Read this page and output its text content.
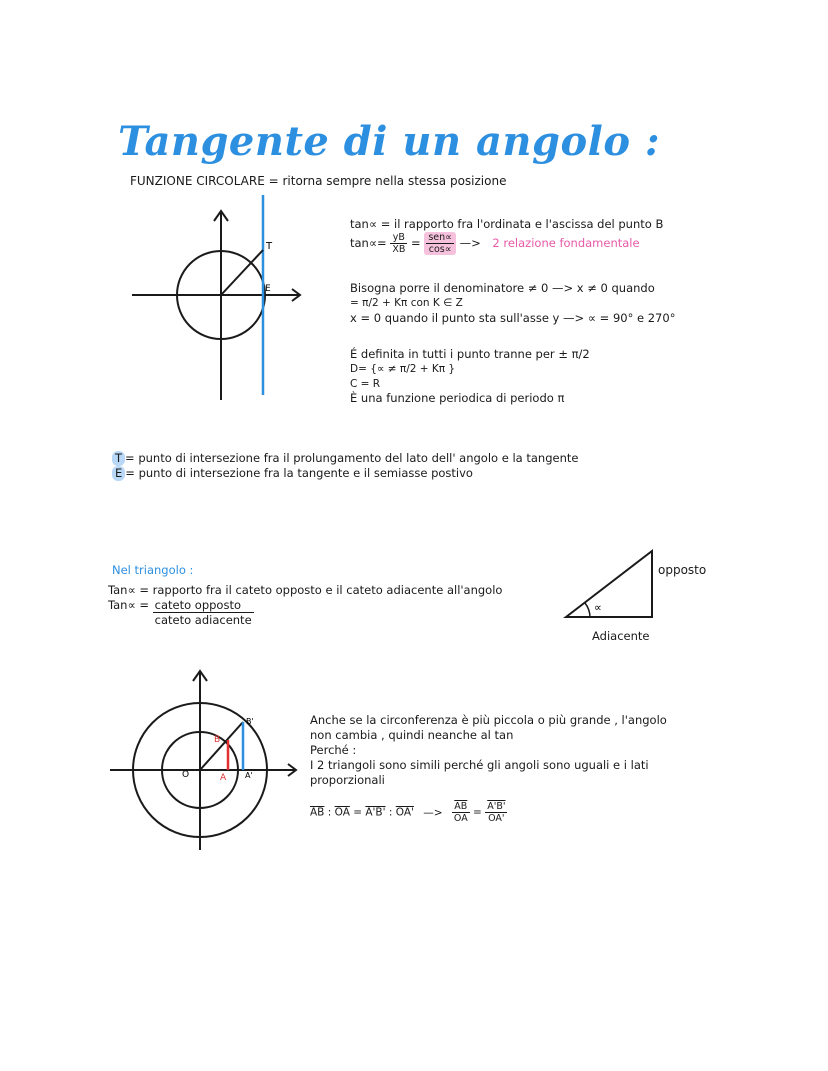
Tangente di un angolo :
FUNZIONE CIRCOLARE = ritorna sempre nella stessa posizione
T
E
tan∝ = il rapporto fra l'ordinata e l'ascissa del punto B
$\tan\propto= \frac{yB}{XB} = \frac{\text{sen∝}}{\cos\propto}$ —> 2 relazione fondamentale
Bisogna porre il denominatore ≠ 0 —> x ≠ 0 quando
= π/2 + Kπ con K ∈ Z
x = 0 quando il punto sta sull'asse y —> ∝ = 90° e 270°
É definita in tutti i punto tranne per ± π/2
D= {∝ ≠ π/2 + Kπ }
C = R
È una funzione periodica di periodo π
T = punto di intersezione fra il prolungamento del lato dell' angolo e la tangente
E = punto di intersezione fra la tangente e il semiasse postivo
Nel triangolo :
Tan∝ = rapporto fra il cateto opposto e il cateto adiacente all'angolo
$Tan\propto = \frac{\text{cateto opposto}}{\text{cateto adiacente}}$	∝
opposto
Adiacente
O	A A'
B
B'	Anche se la circonferenza è più piccola o più grande , l'angolo
non cambia , quindi neanche al tan
Perché :
I 2 triangoli sono simili perché gli angoli sono uguali e i lati
proporzionali
$\overline{AB}$ : $\overline{OA} = A'B'$ : OA' —> $\frac{\overline{AB}}{OA} = \frac{A'B'}{OA'}$
